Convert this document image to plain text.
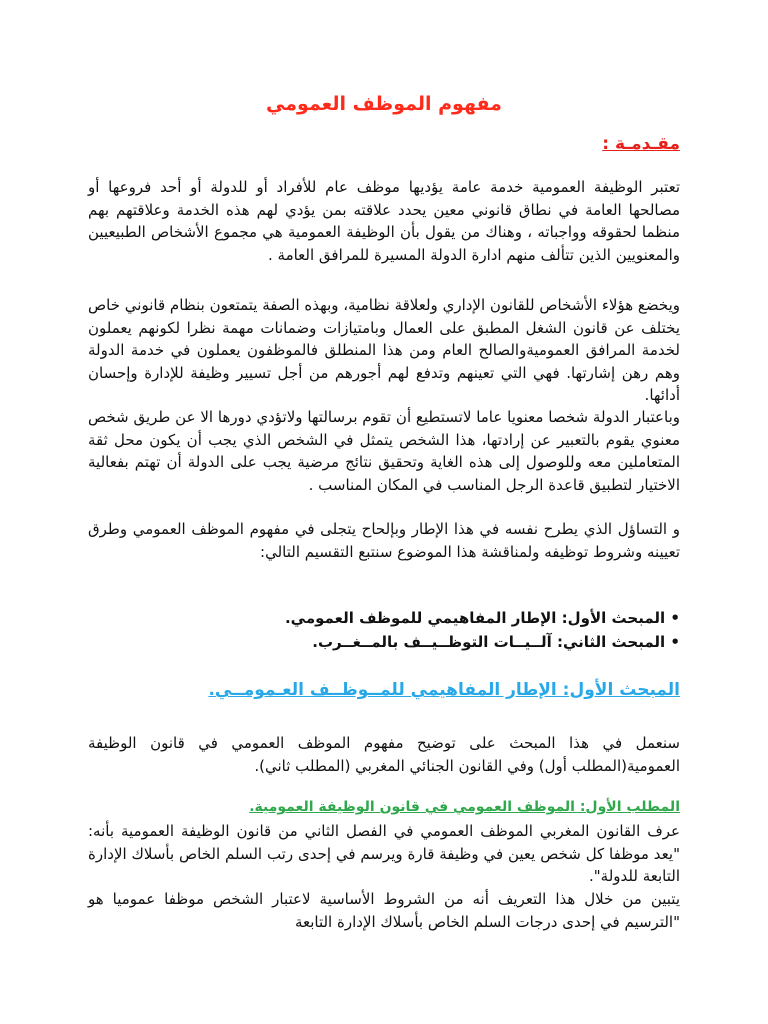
مفهوم الموظف العمومي
مقـدمـة :

تعتبر الوظيفة العمومية خدمة عامة يؤديها موظف عام للأفراد أو للدولة أو أحد فروعها أو مصالحها العامة في نطاق قانوني معين يحدد علاقته بمن يؤدي لهم هذه الخدمة وعلاقتهم بهم منظما لحقوقه وواجباته ، وهناك من يقول بأن الوظيفة العمومية هي مجموع الأشخاص الطبيعيين والمعنويين الذين تتألف منهم ادارة الدولة المسيرة للمرافق العامة .

ويخضع هؤلاء الأشخاص للقانون الإداري ولعلاقة نظامية، وبهذه الصفة يتمتعون بنظام قانوني خاص يختلف عن قانون الشغل المطبق على العمال وبامتيازات وضمانات مهمة نظرا لكونهم يعملون لخدمة المرافق العموميةوالصالح العام ومن هذا المنطلق فالموظفون يعملون في خدمة الدولة وهم رهن إشارتها. فهي التي تعينهم وتدفع لهم أجورهم من أجل تسيير وظيفة للإدارة وإحسان أدائها.

وباعتبار الدولة شخصا معنويا عاما لاتستطيع أن تقوم برسالتها ولاتؤدي دورها الا عن طريق شخص معنوي يقوم بالتعبير عن إرادتها، هذا الشخص يتمثل في الشخص الذي يجب أن يكون محل ثقة المتعاملين معه وللوصول إلى هذه الغاية وتحقيق نتائج مرضية يجب على الدولة أن تهتم بفعالية الاختيار لتطبيق قاعدة الرجل المناسب في المكان المناسب .

و التساؤل الذي يطرح نفسه في هذا الإطار وبإلحاح يتجلى في مفهوم الموظف العمومي وطرق تعيينه وشروط توظيفه ولمناقشة هذا الموضوع سنتبع التقسيم التالي:

• المبحث الأول: الإطار المفاهيمي للموظف العمومي.
• المبحث الثاني: آلــيــات التوظــيــف بالمــغــرب.
المبحث الأول: الإطار المفاهيمي للمــوظــف العـمومــي.

سنعمل في هذا المبحث على توضيح مفهوم الموظف العمومي في قانون الوظيفة العمومية(المطلب أول) وفي القانون الجنائي المغربي (المطلب ثاني).

المطلب الأول: الموظف العمومي في قانون الوظيفة العمومية.

عرف القانون المغربي الموظف العمومي في الفصل الثاني من قانون الوظيفة العمومية بأنه: "يعد موظفا كل شخص يعين في وظيفة قارة ويرسم في إحدى رتب السلم الخاص بأسلاك الإدارة التابعة للدولة".

يتبين من خلال هذا التعريف أنه من الشروط الأساسية لاعتبار الشخص موظفا عموميا هو "الترسيم في إحدى درجات السلم الخاص بأسلاك الإدارة التابعة
